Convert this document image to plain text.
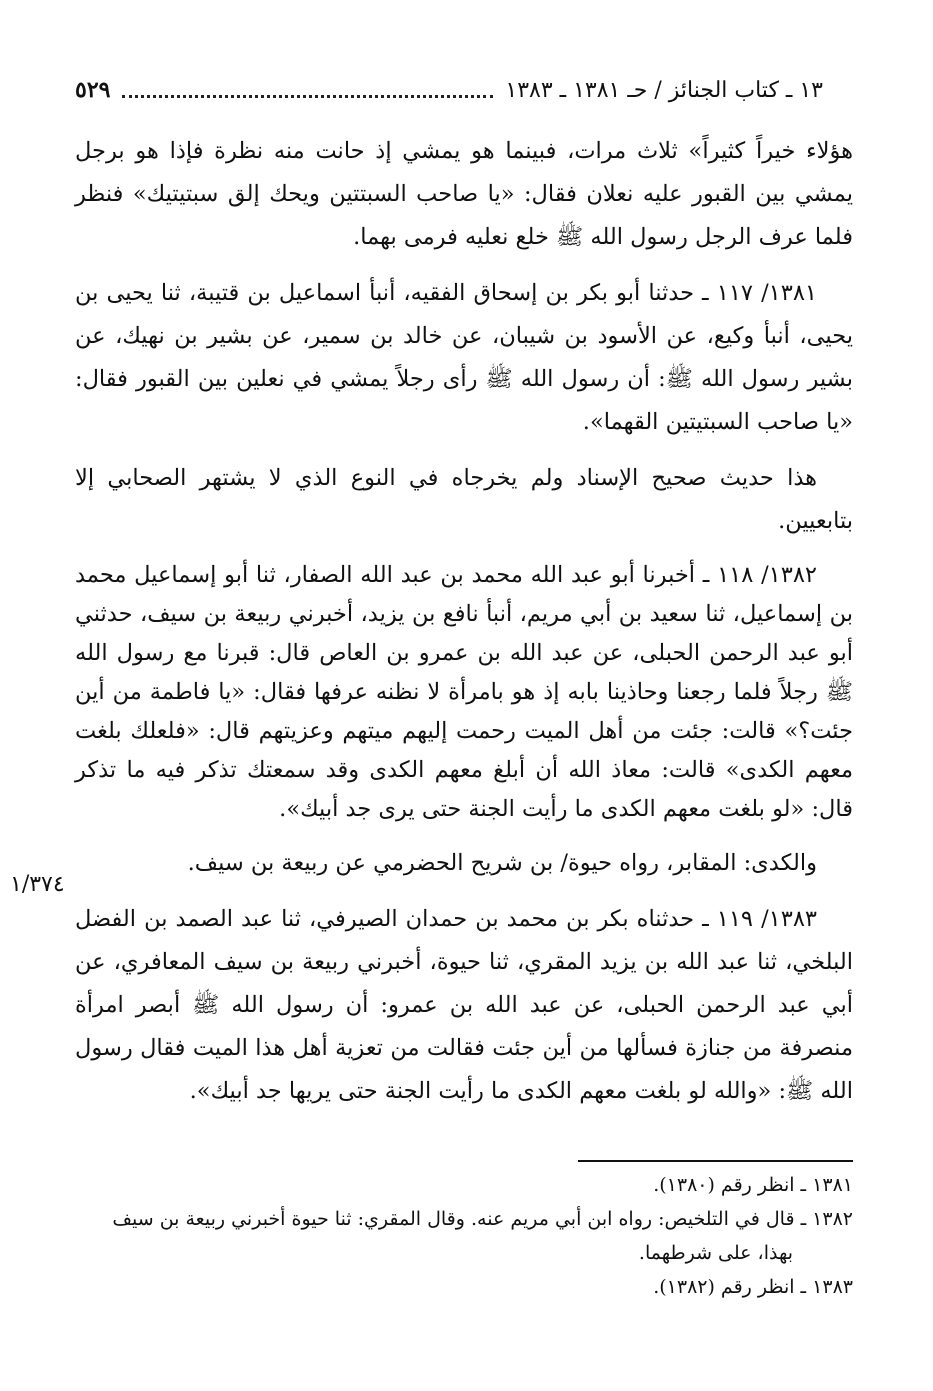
١٣ ـ كتاب الجنائز / حـ ١٣٨١ ـ ١٣٨٣
٥٢٩

هؤلاء خيراً كثيراً» ثلاث مرات، فبينما هو يمشي إذ حانت منه نظرة فإذا هو برجل يمشي بين القبور عليه نعلان فقال: «يا صاحب السبتتين ويحك إلق سبتيتيك» فنظر فلما عرف الرجل رسول الله ﷺ خلع نعليه فرمى بهما.

١٣٨١/ ١١٧ ـ حدثنا أبو بكر بن إسحاق الفقيه، أنبأ اسماعيل بن قتيبة، ثنا يحيى بن يحيى، أنبأ وكيع، عن الأسود بن شيبان، عن خالد بن سمير، عن بشير بن نهيك، عن بشير رسول الله ﷺ: أن رسول الله ﷺ رأى رجلاً يمشي في نعلين بين القبور فقال: «يا صاحب السبتيتين القهما».

هذا حديث صحيح الإسناد ولم يخرجاه في النوع الذي لا يشتهر الصحابي إلا بتابعيين.

١٣٨٢/ ١١٨ ـ أخبرنا أبو عبد الله محمد بن عبد الله الصفار، ثنا أبو إسماعيل محمد بن إسماعيل، ثنا سعيد بن أبي مريم، أنبأ نافع بن يزيد، أخبرني ربيعة بن سيف، حدثني أبو عبد الرحمن الحبلى، عن عبد الله بن عمرو بن العاص قال: قبرنا مع رسول الله ﷺ رجلاً فلما رجعنا وحاذينا بابه إذ هو بامرأة لا نظنه عرفها فقال: «يا فاطمة من أين جئت؟» قالت: جئت من أهل الميت رحمت إليهم ميتهم وعزيتهم قال: «فلعلك بلغت معهم الكدى» قالت: معاذ الله أن أبلغ معهم الكدى وقد سمعتك تذكر فيه ما تذكر قال: «لو بلغت معهم الكدى ما رأيت الجنة حتى يرى جد أبيك».

والكدى: المقابر، رواه حيوة/ بن شريح الحضرمي عن ربيعة بن سيف.

١٣٨٣/ ١١٩ ـ حدثناه بكر بن محمد بن حمدان الصيرفي، ثنا عبد الصمد بن الفضل البلخي، ثنا عبد الله بن يزيد المقري، ثنا حيوة، أخبرني ربيعة بن سيف المعافري، عن أبي عبد الرحمن الحبلى، عن عبد الله بن عمرو: أن رسول الله ﷺ أبصر امرأة منصرفة من جنازة فسألها من أين جئت فقالت من تعزية أهل هذا الميت فقال رسول الله ﷺ: «والله لو بلغت معهم الكدى ما رأيت الجنة حتى يريها جد أبيك».

١/٣٧٤

١٣٨١ ـ انظر رقم (١٣٨٠).

١٣٨٢ ـ قال في التلخيص: رواه ابن أبي مريم عنه. وقال المقري: ثنا حيوة أخبرني ربيعة بن سيف

بهذا، على شرطهما.

١٣٨٣ ـ انظر رقم (١٣٨٢).
